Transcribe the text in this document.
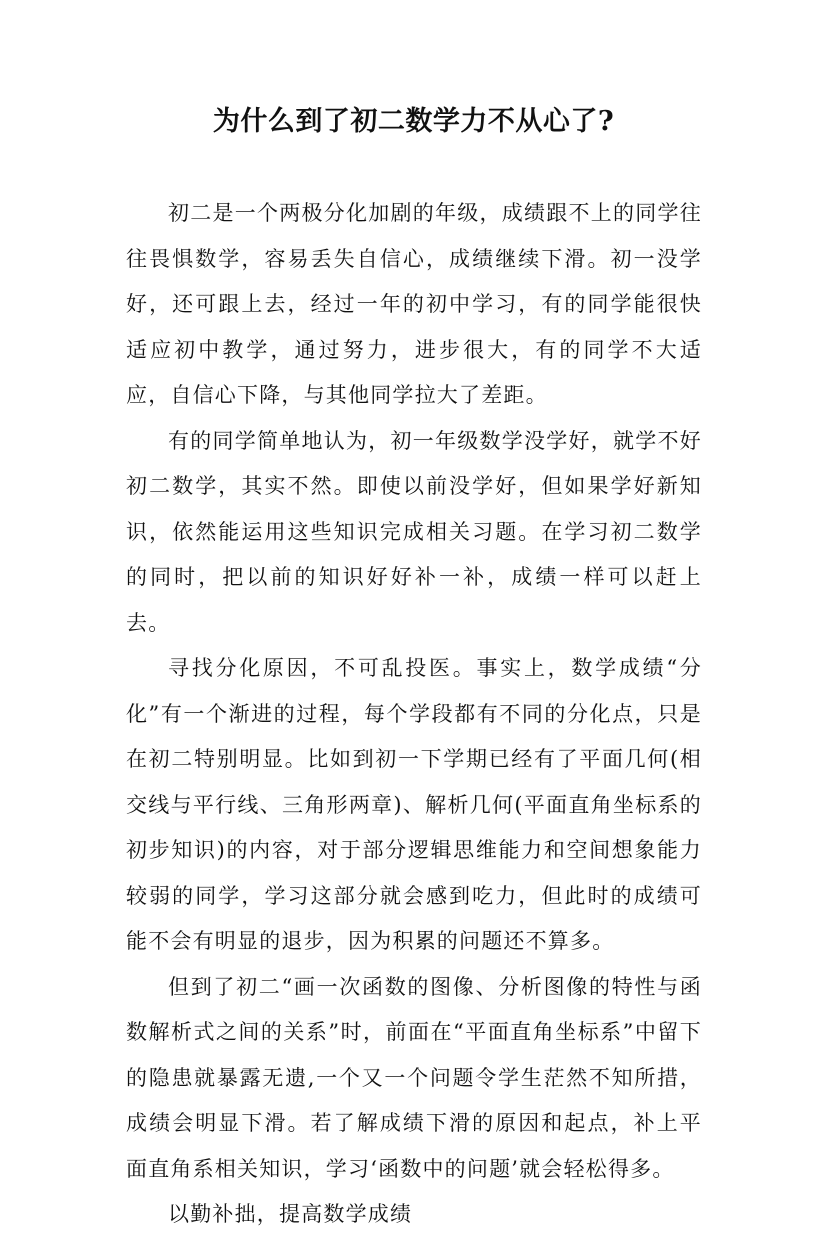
为什么到了初二数学力不从心了?

初二是一个两极分化加剧的年级，成绩跟不上的同学往往畏惧数学，容易丢失自信心，成绩继续下滑。初一没学好，还可跟上去，经过一年的初中学习，有的同学能很快适应初中教学，通过努力，进步很大，有的同学不大适应，自信心下降，与其他同学拉大了差距。

有的同学简单地认为，初一年级数学没学好，就学不好初二数学，其实不然。即使以前没学好，但如果学好新知识，依然能运用这些知识完成相关习题。在学习初二数学的同时，把以前的知识好好补一补，成绩一样可以赶上去。

寻找分化原因，不可乱投医。事实上，数学成绩“分化”有一个渐进的过程，每个学段都有不同的分化点，只是在初二特别明显。比如到初一下学期已经有了平面几何(相交线与平行线、三角形两章)、解析几何(平面直角坐标系的初步知识)的内容，对于部分逻辑思维能力和空间想象能力较弱的同学，学习这部分就会感到吃力，但此时的成绩可能不会有明显的退步，因为积累的问题还不算多。

但到了初二“画一次函数的图像、分析图像的特性与函数解析式之间的关系”时，前面在“平面直角坐标系”中留下的隐患就暴露无遗,一个又一个问题令学生茫然不知所措，成绩会明显下滑。若了解成绩下滑的原因和起点，补上平面直角系相关知识，学习‘函数中的问题’就会轻松得多。

以勤补拙，提高数学成绩
